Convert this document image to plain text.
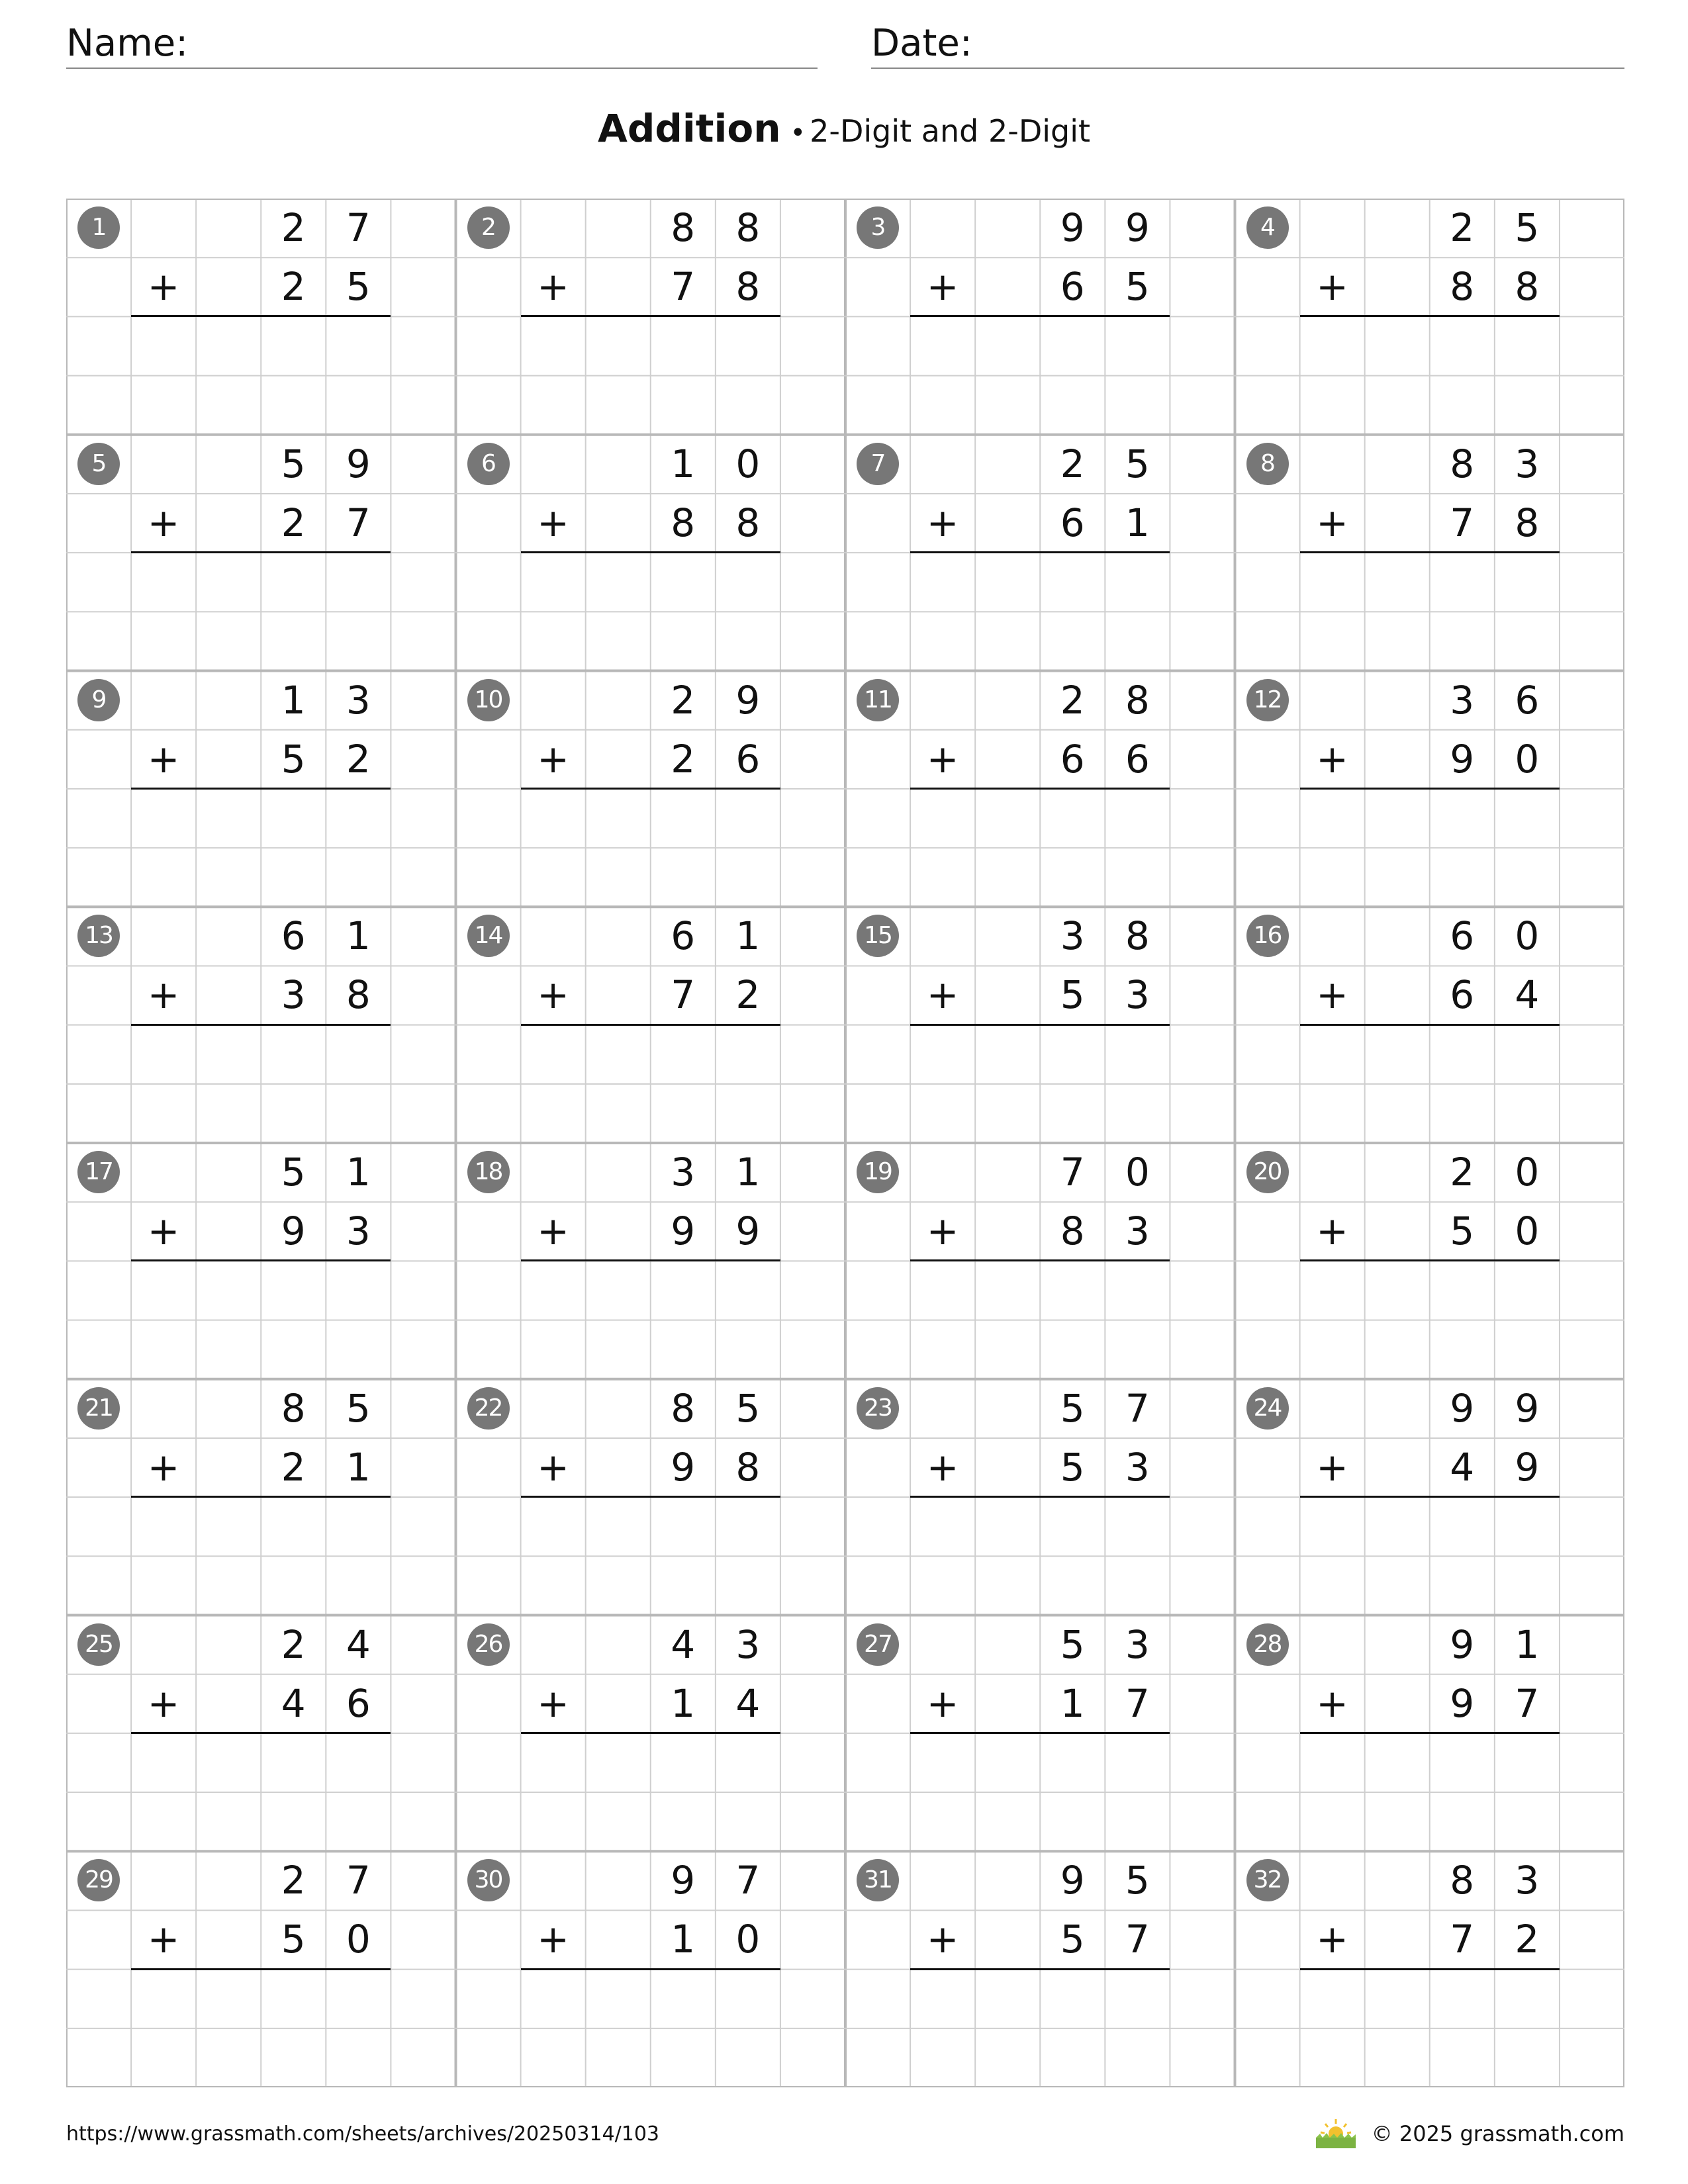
Name:	Date:
Addition • 2-Digit and 2-Digit
1	2	7
+	2	5
2	8	8
+	7	8
3	9	9
+	6	5
4	2	5
+	8	8
5	5	9
+	2	7
6	1	0
+	8	8
7	2	5
+	6	1
8	8	3
+	7	8
9	1	3
+	5	2
10	2	9
+	2	6
11	2	8
+	6	6
12	3	6
+	9	0
13	6	1
+	3	8
14	6	1
+	7	2
15	3	8
+	5	3
16	6	0
+	6	4
17	5	1
+	9	3
18	3	1
+	9	9
19	7	0
+	8	3
20	2	0
+	5	0
21	8	5
+	2	1
22	8	5
+	9	8
23	5	7
+	5	3
24	9	9
+	4	9
25	2	4
+	4	6
26	4	3
+	1	4
27	5	3
+	1	7
28	9	1
+	9	7
29	2	7
+	5	0
30	9	7
+	1	0
31	9	5
+	5	7
32	8	3
+	7	2
https://www.grassmath.com/sheets/archives/20250314/103	© 2025 grassmath.com
